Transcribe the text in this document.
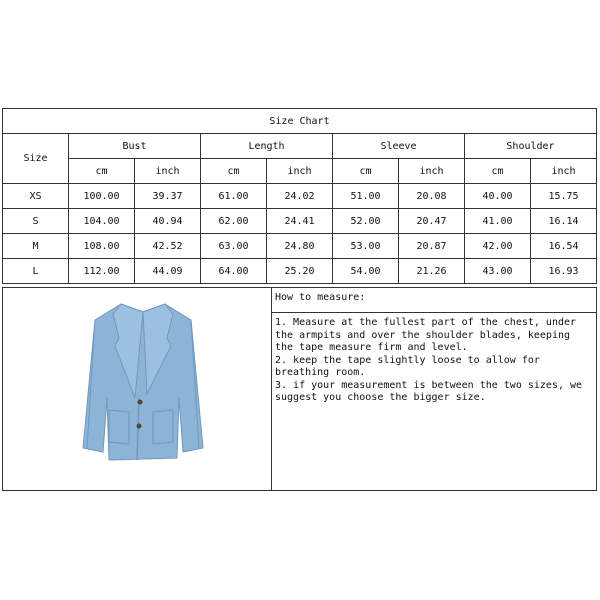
Size Chart								
Size	Bust		Length		Sleeve		Shoulder	
	cm	inch	cm	inch	cm	inch	cm	inch
XS	100.00	39.37	61.00	24.02	51.00	20.08	40.00	15.75
S	104.00	40.94	62.00	24.41	52.00	20.47	41.00	16.14
M	108.00	42.52	63.00	24.80	53.00	20.87	42.00	16.54
L	112.00	44.09	64.00	25.20	54.00	21.26	43.00	16.93
	How to measure:

1. Measure at the fullest part of the chest, under the armpits and over the shoulder blades, keeping the tape measure firm and level.
2. keep the tape slightly loose to allow for breathing room.
3. if your measurement is between the two sizes, we suggest you choose the bigger size.
